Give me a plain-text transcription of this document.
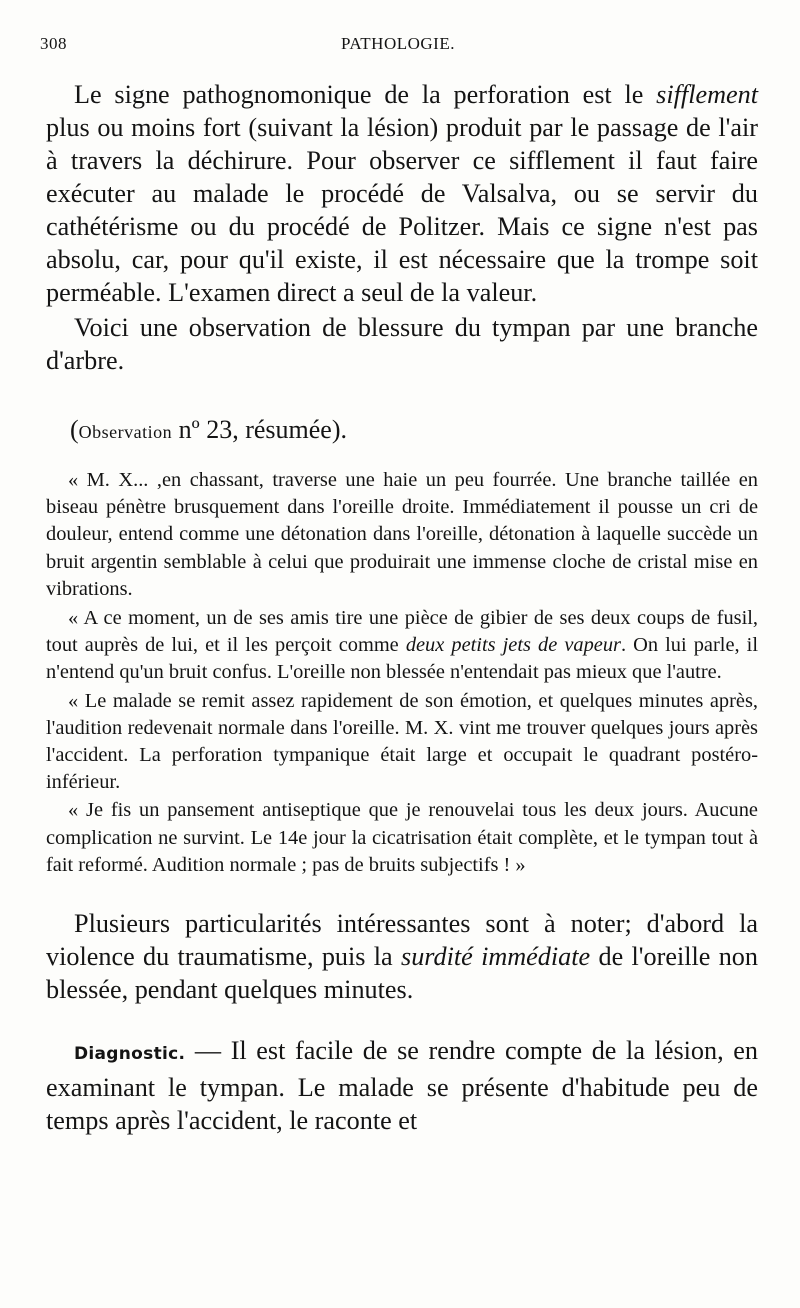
308	PATHOLOGIE.

Le signe pathognomonique de la perforation est le sifflement plus ou moins fort (suivant la lésion) produit par le passage de l'air à travers la déchirure. Pour observer ce sifflement il faut faire exécuter au malade le procédé de Valsalva, ou se servir du cathétérisme ou du procédé de Politzer. Mais ce signe n'est pas absolu, car, pour qu'il existe, il est nécessaire que la trompe soit perméable. L'examen direct a seul de la valeur.

Voici une observation de blessure du tympan par une branche d'arbre.

(Observation nº 23, résumée).

« M. X... ,en chassant, traverse une haie un peu fourrée. Une branche taillée en biseau pénètre brusquement dans l'oreille droite. Immédiatement il pousse un cri de douleur, entend comme une détonation dans l'oreille, détonation à laquelle succède un bruit argentin semblable à celui que produirait une immense cloche de cristal mise en vibrations.

« A ce moment, un de ses amis tire une pièce de gibier de ses deux coups de fusil, tout auprès de lui, et il les perçoit comme deux petits jets de vapeur. On lui parle, il n'entend qu'un bruit confus. L'oreille non blessée n'entendait pas mieux que l'autre.

« Le malade se remit assez rapidement de son émotion, et quelques minutes après, l'audition redevenait normale dans l'oreille. M. X. vint me trouver quelques jours après l'accident. La perforation tympanique était large et occupait le quadrant postéro-inférieur.

« Je fis un pansement antiseptique que je renouvelai tous les deux jours. Aucune complication ne survint. Le 14e jour la cicatrisation était complète, et le tympan tout à fait reformé. Audition normale ; pas de bruits subjectifs ! »

Plusieurs particularités intéressantes sont à noter; d'abord la violence du traumatisme, puis la surdité immédiate de l'oreille non blessée, pendant quelques minutes.

Diagnostic. — Il est facile de se rendre compte de la lésion, en examinant le tympan. Le malade se présente d'habitude peu de temps après l'accident, le raconte et
